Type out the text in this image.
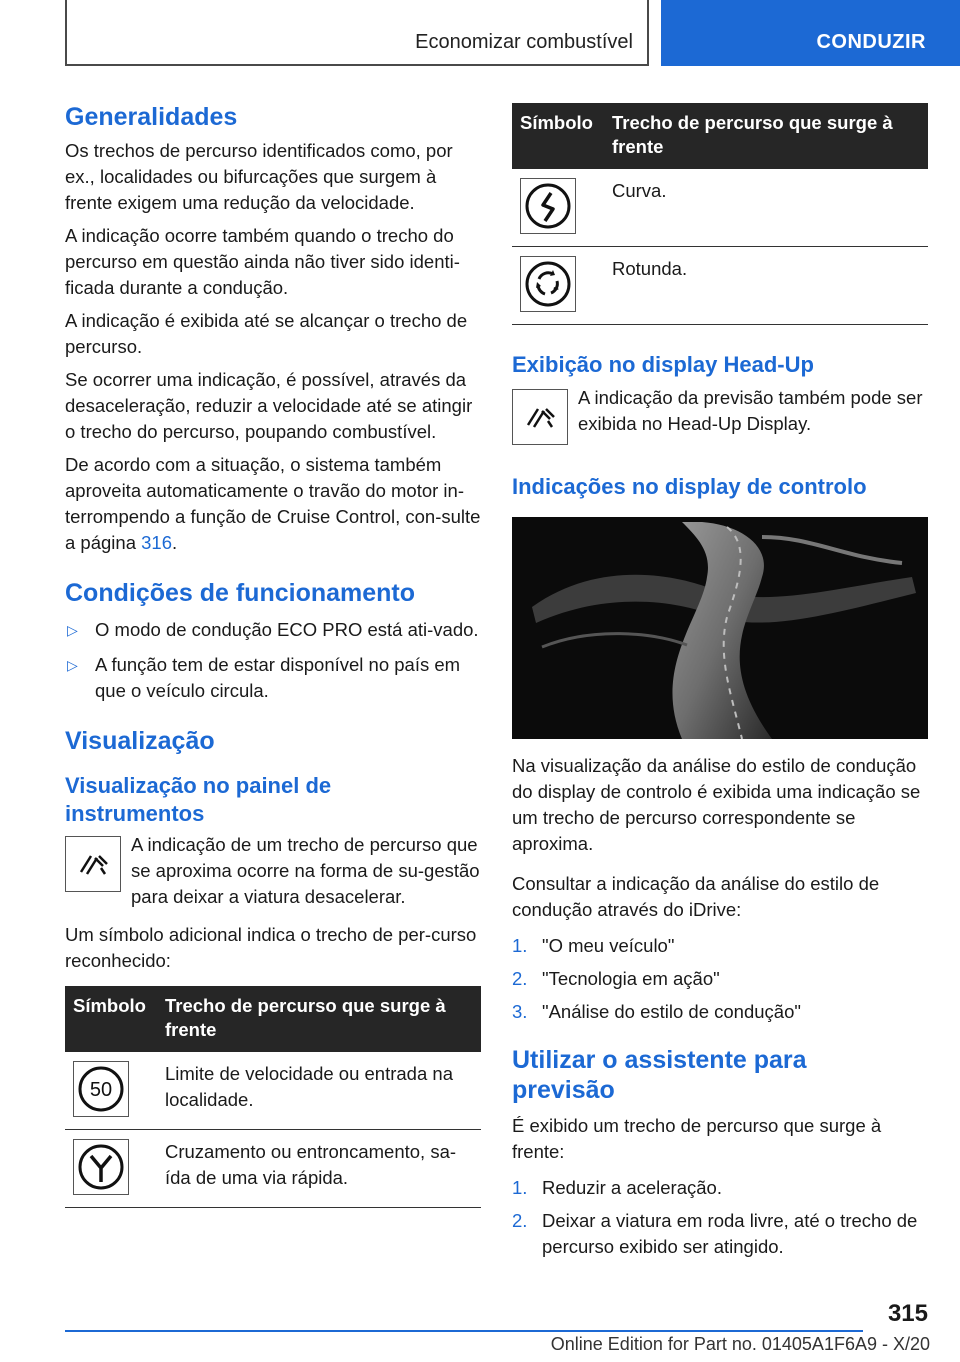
Economizar combustível	CONDUZIR
Generalidades

Os trechos de percurso identificados como, por ex., localidades ou bifurcações que surgem à frente exigem uma redução da velocidade.

A indicação ocorre também quando o trecho do percurso em questão ainda não tiver sido identi‐ficada durante a condução.

A indicação é exibida até se alcançar o trecho de percurso.

Se ocorrer uma indicação, é possível, através da desaceleração, reduzir a velocidade até se atingir o trecho do percurso, poupando combustível.

De acordo com a situação, o sistema também aproveita automaticamente o travão do motor in‐terrompendo a função de Cruise Control, con‐sulte a página 316.

Condições de funcionamento
▷ O modo de condução ECO PRO está ati‐vado.
▷ A função tem de estar disponível no país em que o veículo circula.
Visualização
Visualização no painel de instrumentos

A indicação de um trecho de percurso que se aproxima ocorre na forma de su‐gestão para deixar a viatura desacelerar.

Um símbolo adicional indica o trecho de per‐curso reconhecido:

Símbolo	Trecho de percurso que surge à frente

50	Limite de velocidade ou entrada na localidade.

	Cruzamento ou entroncamento, sa‐ída de uma via rápida.
Símbolo	Trecho de percurso que surge à frente

	Curva.

	Rotunda.
Exibição no display Head-Up

A indicação da previsão também pode ser exibida no Head-Up Display.

Indicações no display de controlo

Na visualização da análise do estilo de condução do display de controlo é exibida uma indicação se um trecho de percurso correspondente se aproxima.

Consultar a indicação da análise do estilo de condução através do iDrive:

1. "O meu veículo"
2. "Tecnologia em ação"
3. "Análise do estilo de condução"
Utilizar o assistente para previsão

É exibido um trecho de percurso que surge à frente:

1. Reduzir a aceleração.
2. Deixar a viatura em roda livre, até o trecho de percurso exibido ser atingido.
315
Online Edition for Part no. 01405A1F6A9 - X/20
